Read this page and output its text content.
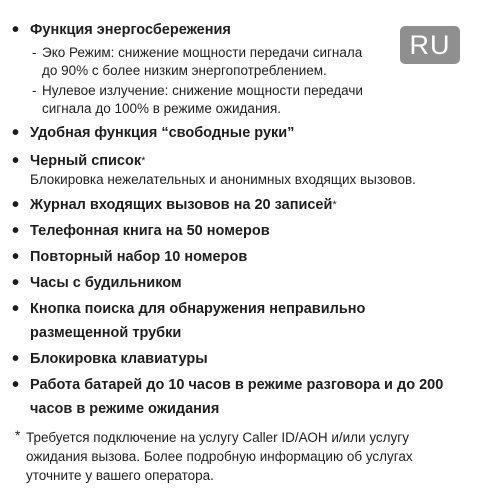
RU
• Функция энергосбережения
- Эко Режим: снижение мощности передачи сигнала
до 90% с более низким энергопотреблением.
- Нулевое излучение: снижение мощности передачи
сигнала до 100% в режиме ожидания.
• Удобная функция “свободные руки”
• Черный список*
Блокировка нежелательных и анонимных входящих вызовов.
• Журнал входящих вызовов на 20 записей*
• Телефонная книга на 50 номеров
• Повторный набор 10 номеров
• Часы с будильником
• Кнопка поиска для обнаружения неправильно
размещенной трубки
• Блокировка клавиатуры
• Работа батарей до 10 часов в режиме разговора и до 200
часов в режиме ожидания
* Требуется подключение на услугу Caller ID/АОН и/или услугу
ожидания вызова. Более подробную информацию об услугах
уточните у вашего оператора.
